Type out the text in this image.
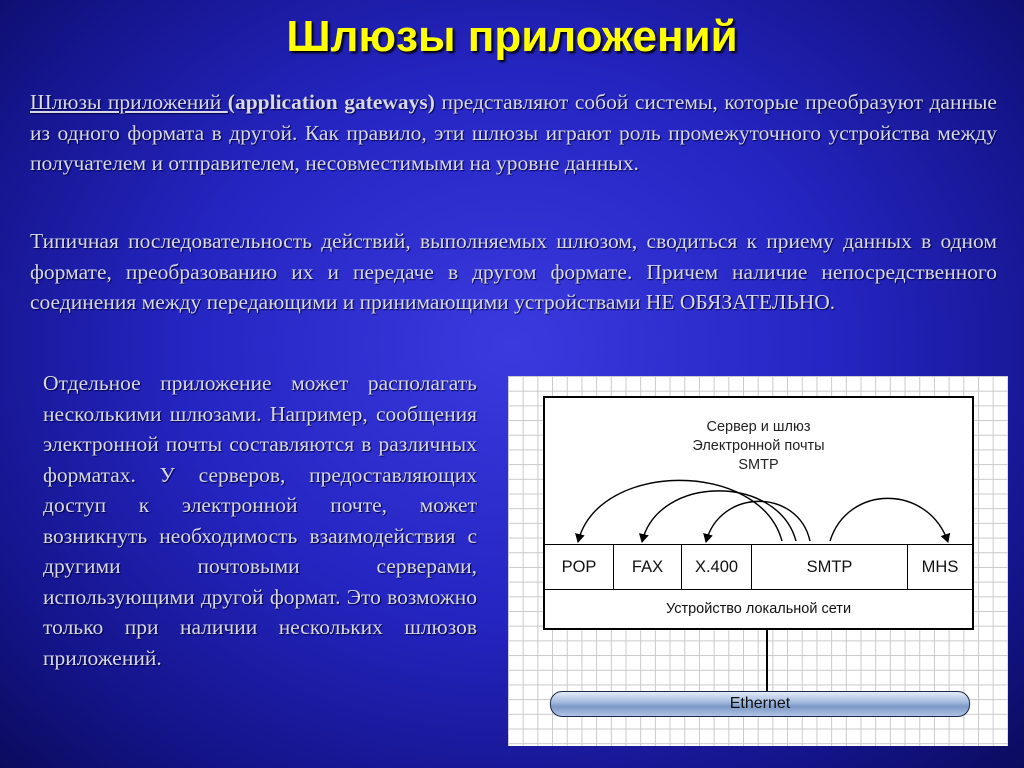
Шлюзы приложений
Шлюзы приложений (application gateways) представляют собой системы, которые преобразуют данные из одного формата в другой. Как правило, эти шлюзы играют роль промежуточного устройства между получателем и отправителем, несовместимыми на уровне данных.
Типичная последовательность действий, выполняемых шлюзом, сводиться к приему данных в одном формате, преобразованию их и передаче в другом формате. Причем наличие непосредственного соединения между передающими и принимающими устройствами НЕ ОБЯЗАТЕЛЬНО.
Отдельное приложение может располагать несколькими шлюзами. Например, сообщения электронной почты составляются в различных форматах. У серверов, предоставляющих доступ к электронной почте, может возникнуть необходимость взаимодействия с другими почтовыми серверами, использующими другой формат. Это возможно только при наличии нескольких шлюзов приложений.
Сервер и шлюз
Электронной почты
SMTP
POP	FAX	X.400	SMTP	MHS
Устройство локальной сети
Ethernet
